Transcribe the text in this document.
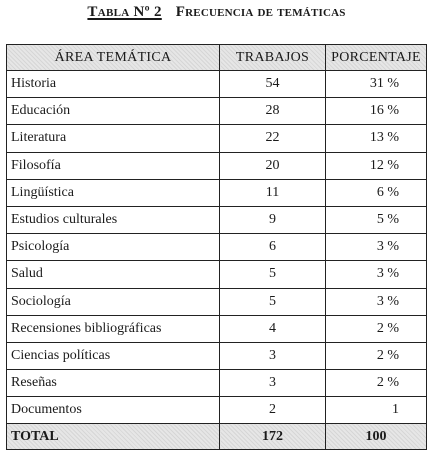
Tabla Nº 2 Frecuencia de temáticas
ÁREA TEMÁTICA	TRABAJOS	PORCENTAJE
Historia	54	31 %
Educación	28	16 %
Literatura	22	13 %
Filosofía	20	12 %
Lingüística	11	6 %
Estudios culturales	9	5 %
Psicología	6	3 %
Salud	5	3 %
Sociología	5	3 %
Recensiones bibliográficas	4	2 %
Ciencias políticas	3	2 %
Reseñas	3	2 %
Documentos	2	1
TOTAL	172	100
